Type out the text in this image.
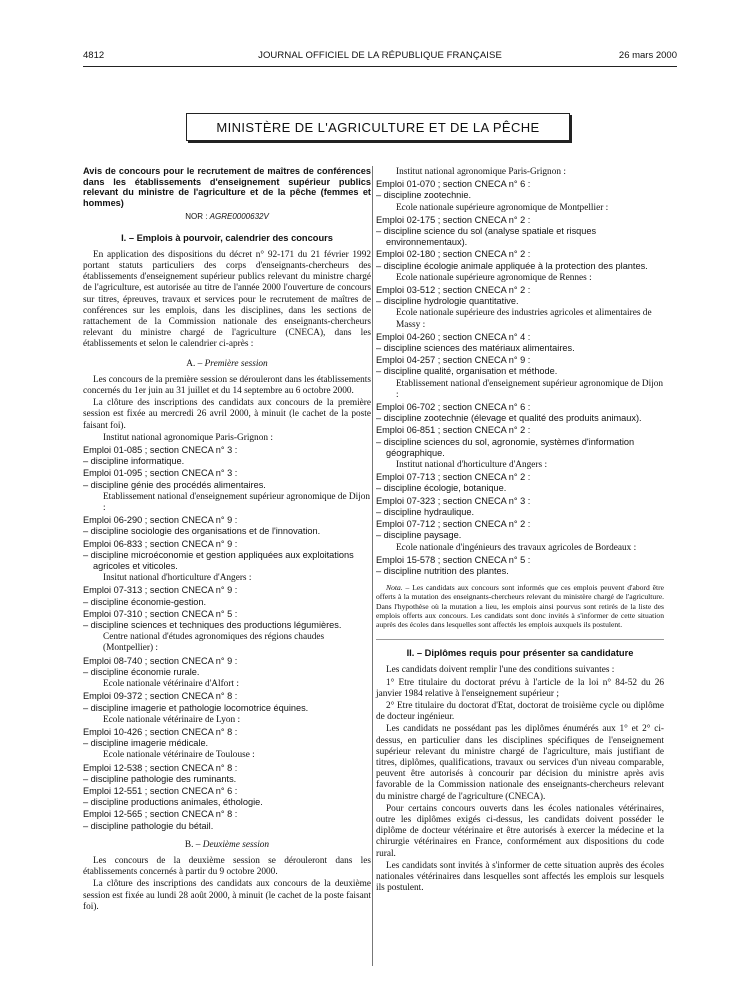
4812	JOURNAL OFFICIEL DE LA RÉPUBLIQUE FRANÇAISE	26 mars 2000
MINISTÈRE DE L'AGRICULTURE ET DE LA PÊCHE

Avis de concours pour le recrutement de maîtres de conférences dans les établissements d'enseignement supérieur publics relevant du ministre de l'agriculture et de la pêche (femmes et hommes)

NOR : AGRE0000632V

I. – Emplois à pourvoir, calendrier des concours

En application des dispositions du décret n° 92-171 du 21 février 1992 portant statuts particuliers des corps d'enseignants-chercheurs des établissements d'enseignement supérieur publics relevant du ministre chargé de l'agriculture, est autorisée au titre de l'année 2000 l'ouverture de concours sur titres, épreuves, travaux et services pour le recrutement de maîtres de conférences sur les emplois, dans les disciplines, dans les sections de rattachement de la Commission nationale des enseignants-chercheurs relevant du ministre chargé de l'agriculture (CNECA), dans les établissements et selon le calendrier ci-après :

A. – Première session

Les concours de la première session se dérouleront dans les établissements concernés du 1er juin au 31 juillet et du 14 septembre au 6 octobre 2000.

La clôture des inscriptions des candidats aux concours de la première session est fixée au mercredi 26 avril 2000, à minuit (le cachet de la poste faisant foi).

Institut national agronomique Paris-Grignon :

Emploi 01-085 ; section CNECA n° 3 :

– discipline informatique.

Emploi 01-095 ; section CNECA n° 3 :

– discipline génie des procédés alimentaires.

Etablissement national d'enseignement supérieur agronomique de Dijon :

Emploi 06-290 ; section CNECA n° 9 :

– discipline sociologie des organisations et de l'innovation.

Emploi 06-833 ; section CNECA n° 9 :

– discipline microéconomie et gestion appliquées aux exploitations agricoles et viticoles.

Insitut national d'horticulture d'Angers :

Emploi 07-313 ; section CNECA n° 9 :

– discipline économie-gestion.

Emploi 07-310 ; section CNECA n° 5 :

– discipline sciences et techniques des productions légumières.

Centre national d'études agronomiques des régions chaudes (Montpellier) :

Emploi 08-740 ; section CNECA n° 9 :

– discipline économie rurale.

Ecole nationale vétérinaire d'Alfort :

Emploi 09-372 ; section CNECA n° 8 :

– discipline imagerie et pathologie locomotrice équines.

Ecole nationale vétérinaire de Lyon :

Emploi 10-426 ; section CNECA n° 8 :

– discipline imagerie médicale.

Ecole nationale vétérinaire de Toulouse :

Emploi 12-538 ; section CNECA n° 8 :

– discipline pathologie des ruminants.

Emploi 12-551 ; section CNECA n° 6 :

– discipline productions animales, éthologie.

Emploi 12-565 ; section CNECA n° 8 :

– discipline pathologie du bétail.

B. – Deuxième session

Les concours de la deuxième session se dérouleront dans les établissements concernés à partir du 9 octobre 2000.

La clôture des inscriptions des candidats aux concours de la deuxième session est fixée au lundi 28 août 2000, à minuit (le cachet de la poste faisant foi).

Institut national agronomique Paris-Grignon :

Emploi 01-070 ; section CNECA n° 6 :

– discipline zootechnie.

Ecole nationale supérieure agronomique de Montpellier :

Emploi 02-175 ; section CNECA n° 2 :

– discipline science du sol (analyse spatiale et risques environnementaux).

Emploi 02-180 ; section CNECA n° 2 :

– discipline écologie animale appliquée à la protection des plantes.

Ecole nationale supérieure agronomique de Rennes :

Emploi 03-512 ; section CNECA n° 2 :

– discipline hydrologie quantitative.

Ecole nationale supérieure des industries agricoles et alimentaires de Massy :

Emploi 04-260 ; section CNECA n° 4 :

– discipline sciences des matériaux alimentaires.

Emploi 04-257 ; section CNECA n° 9 :

– discipline qualité, organisation et méthode.

Etablissement national d'enseignement supérieur agronomique de Dijon :

Emploi 06-702 ; section CNECA n° 6 :

– discipline zootechnie (élevage et qualité des produits animaux).

Emploi 06-851 ; section CNECA n° 2 :

– discipline sciences du sol, agronomie, systèmes d'information géographique.

Institut national d'horticulture d'Angers :

Emploi 07-713 ; section CNECA n° 2 :

– discipline écologie, botanique.

Emploi 07-323 ; section CNECA n° 3 :

– discipline hydraulique.

Emploi 07-712 ; section CNECA n° 2 :

– discipline paysage.

Ecole nationale d'ingénieurs des travaux agricoles de Bordeaux :

Emploi 15-578 ; section CNECA n° 5 :

– discipline nutrition des plantes.

Nota. – Les candidats aux concours sont informés que ces emplois peuvent d'abord être offerts à la mutation des enseignants-chercheurs relevant du ministère chargé de l'agriculture. Dans l'hypothèse où la mutation a lieu, les emplois ainsi pourvus sont retirés de la liste des emplois offerts aux concours. Les candidats sont donc invités à s'informer de cette situation auprès des écoles dans lesquelles sont affectés les emplois auxquels ils postulent.

II. – Diplômes requis pour présenter sa candidature

Les candidats doivent remplir l'une des conditions suivantes :

1° Etre titulaire du doctorat prévu à l'article de la loi n° 84-52 du 26 janvier 1984 relative à l'enseignement supérieur ;

2° Etre titulaire du doctorat d'Etat, doctorat de troisième cycle ou diplôme de docteur ingénieur.

Les candidats ne possédant pas les diplômes énumérés aux 1° et 2° ci-dessus, en particulier dans les disciplines spécifiques de l'enseignement supérieur relevant du ministre chargé de l'agriculture, mais justifiant de titres, diplômes, qualifications, travaux ou services d'un niveau comparable, peuvent être autorisés à concourir par décision du ministre après avis favorable de la Commission nationale des enseignants-chercheurs relevant du ministre chargé de l'agriculture (CNECA).

Pour certains concours ouverts dans les écoles nationales vétérinaires, outre les diplômes exigés ci-dessus, les candidats doivent posséder le diplôme de docteur vétérinaire et être autorisés à exercer la médecine et la chirurgie vétérinaires en France, conformément aux dispositions du code rural.

Les candidats sont invités à s'informer de cette situation auprès des écoles nationales vétérinaires dans lesquelles sont affectés les emplois sur lesquels ils postulent.
